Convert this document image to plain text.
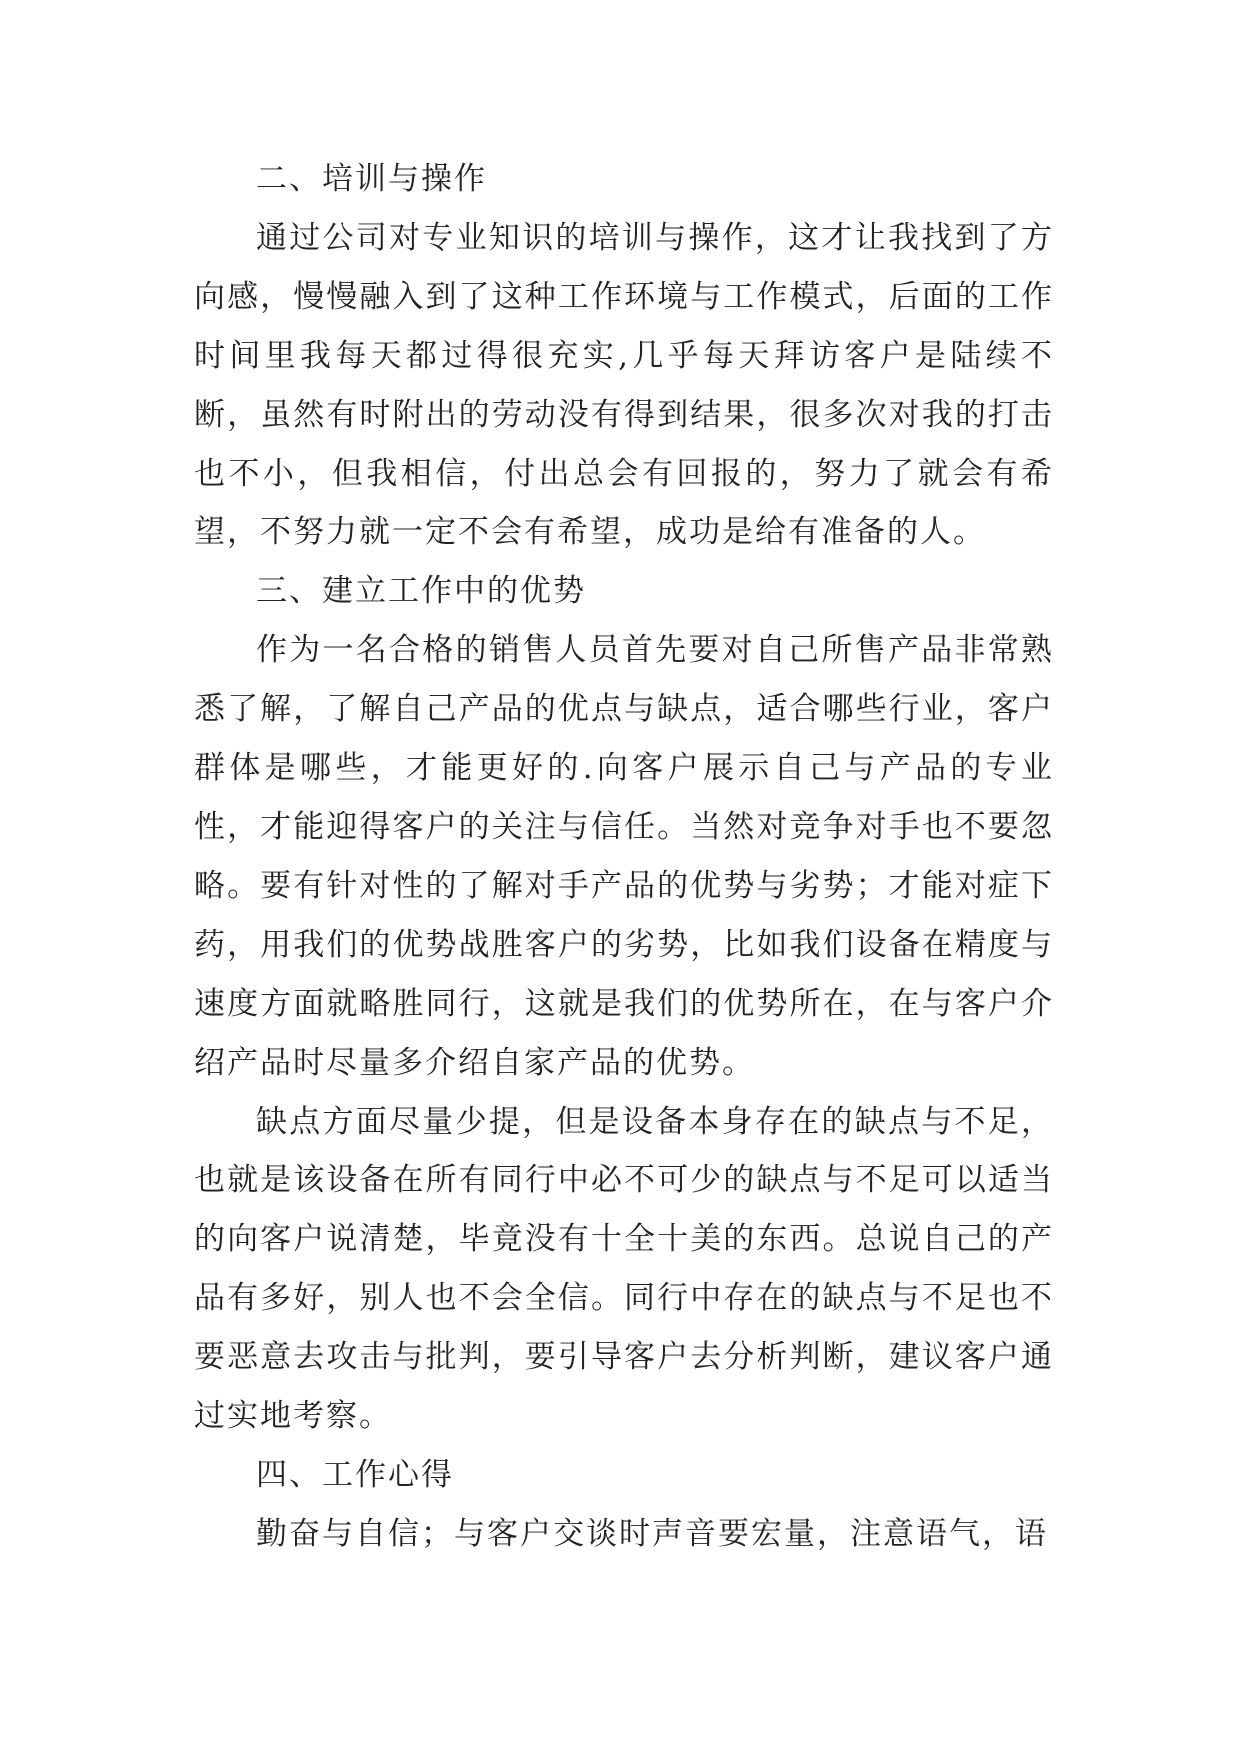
二、培训与操作

通过公司对专业知识的培训与操作，这才让我找到了方向感，慢慢融入到了这种工作环境与工作模式，后面的工作时间里我每天都过得很充实,几乎每天拜访客户是陆续不断，虽然有时附出的劳动没有得到结果，很多次对我的打击也不小，但我相信，付出总会有回报的，努力了就会有希望，不努力就一定不会有希望，成功是给有准备的人。

三、建立工作中的优势

作为一名合格的销售人员首先要对自己所售产品非常熟悉了解，了解自己产品的优点与缺点，适合哪些行业，客户群体是哪些，才能更好的.向客户展示自己与产品的专业性，才能迎得客户的关注与信任。当然对竞争对手也不要忽略。要有针对性的了解对手产品的优势与劣势；才能对症下药，用我们的优势战胜客户的劣势，比如我们设备在精度与速度方面就略胜同行，这就是我们的优势所在，在与客户介绍产品时尽量多介绍自家产品的优势。

缺点方面尽量少提，但是设备本身存在的缺点与不足，也就是该设备在所有同行中必不可少的缺点与不足可以适当的向客户说清楚，毕竟没有十全十美的东西。总说自己的产品有多好，别人也不会全信。同行中存在的缺点与不足也不要恶意去攻击与批判，要引导客户去分析判断，建议客户通过实地考察。

四、工作心得

勤奋与自信；与客户交谈时声音要宏量，注意语气，语
